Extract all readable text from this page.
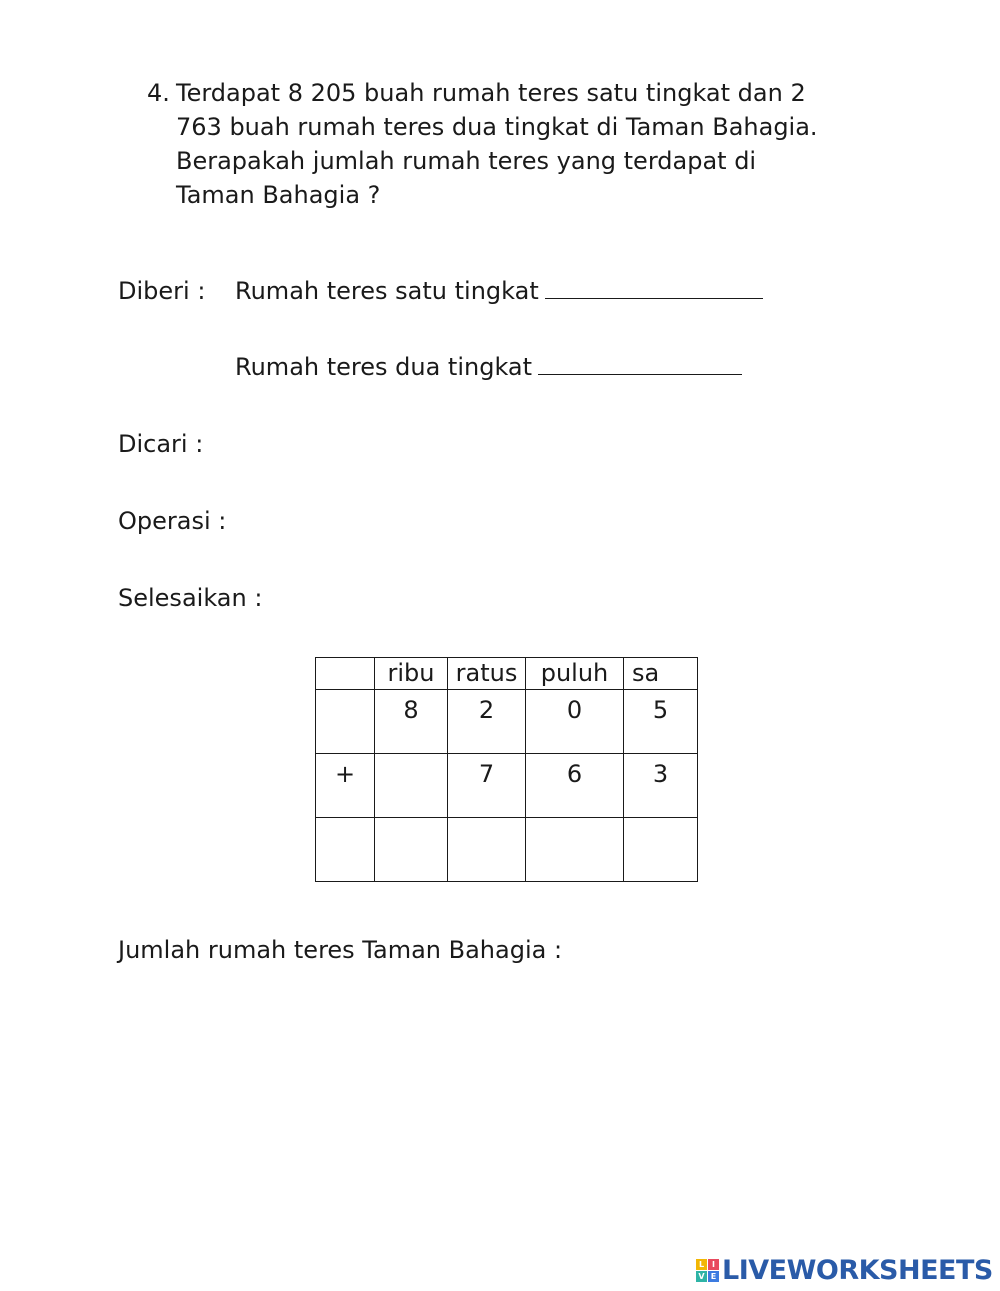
4. Terdapat 8 205 buah rumah teres satu tingkat dan 2
763 buah rumah teres dua tingkat di Taman Bahagia.
Berapakah jumlah rumah teres yang terdapat di
Taman Bahagia ?
Diberi : Rumah teres satu tingkat
Rumah teres dua tingkat
Dicari :
Operasi :
Selesaikan :
	ribu	ratus	puluh	sa

	8	2	0	5

+		7	6	3

Jumlah rumah teres Taman Bahagia :
L I
V E LIVEWORKSHEETS
